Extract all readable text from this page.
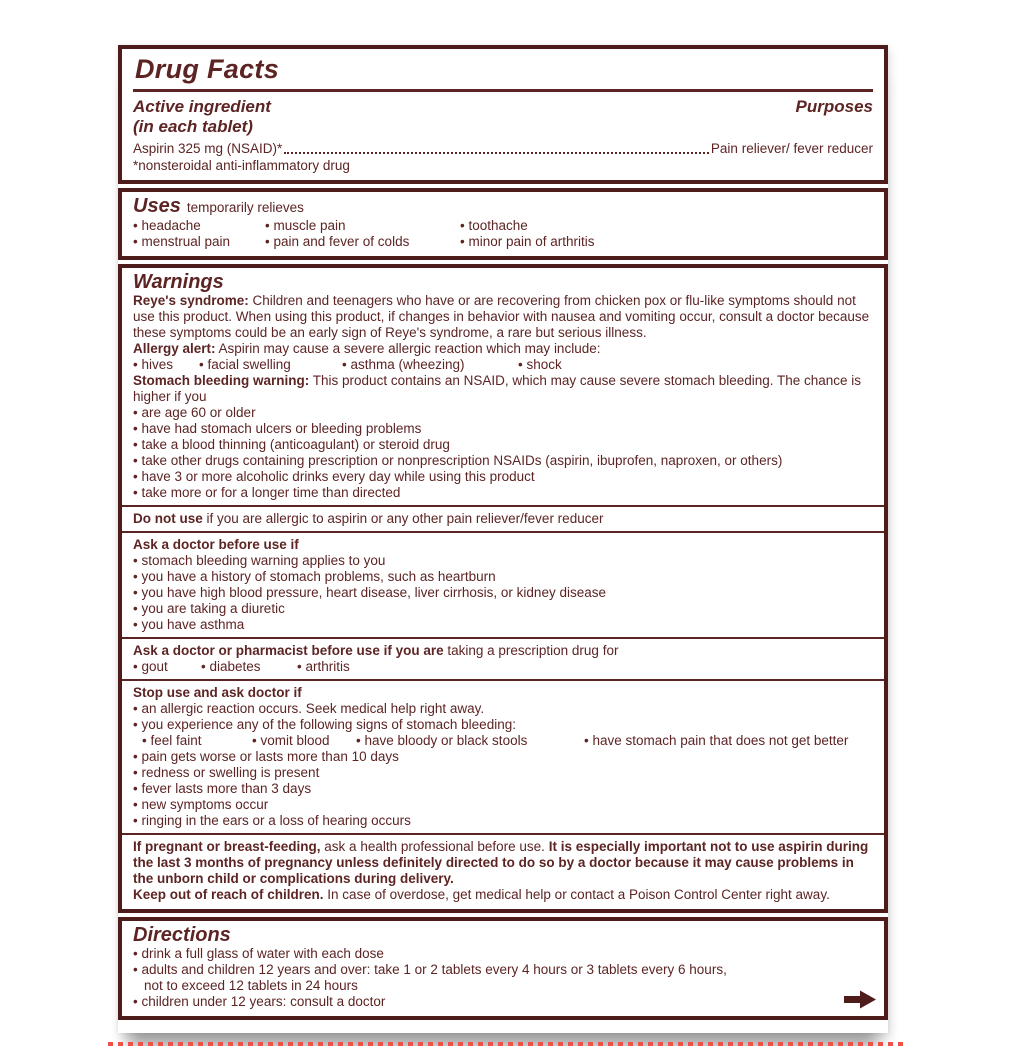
Drug Facts
Active ingredient
(in each tablet)
Purposes
Aspirin 325 mg (NSAID)*	Pain reliever/ fever reducer
*nonsteroidal anti-inflammatory drug
Uses temporarily relieves
• headache	• muscle pain	• toothache
• menstrual pain	• pain and fever of colds	• minor pain of arthritis
Warnings
Reye's syndrome: Children and teenagers who have or are recovering from chicken pox or flu-like symptoms should not use this product. When using this product, if changes in behavior with nausea and vomiting occur, consult a doctor because these symptoms could be an early sign of Reye's syndrome, a rare but serious illness.
Allergy alert: Aspirin may cause a severe allergic reaction which may include:
• hives	• facial swelling	• asthma (wheezing)	• shock
Stomach bleeding warning: This product contains an NSAID, which may cause severe stomach bleeding. The chance is higher if you
• are age 60 or older
• have had stomach ulcers or bleeding problems
• take a blood thinning (anticoagulant) or steroid drug
• take other drugs containing prescription or nonprescription NSAIDs (aspirin, ibuprofen, naproxen, or others)
• have 3 or more alcoholic drinks every day while using this product
• take more or for a longer time than directed
Do not use if you are allergic to aspirin or any other pain reliever/fever reducer
Ask a doctor before use if
• stomach bleeding warning applies to you
• you have a history of stomach problems, such as heartburn
• you have high blood pressure, heart disease, liver cirrhosis, or kidney disease
• you are taking a diuretic
• you have asthma
Ask a doctor or pharmacist before use if you are taking a prescription drug for
• gout	• diabetes	• arthritis
Stop use and ask doctor if
• an allergic reaction occurs. Seek medical help right away.
• you experience any of the following signs of stomach bleeding:
• feel faint	• vomit blood	• have bloody or black stools	• have stomach pain that does not get better
• pain gets worse or lasts more than 10 days
• redness or swelling is present
• fever lasts more than 3 days
• new symptoms occur
• ringing in the ears or a loss of hearing occurs
If pregnant or breast-feeding, ask a health professional before use. It is especially important not to use aspirin during the last 3 months of pregnancy unless definitely directed to do so by a doctor because it may cause problems in the unborn child or complications during delivery.
Keep out of reach of children. In case of overdose, get medical help or contact a Poison Control Center right away.
Directions
• drink a full glass of water with each dose
• adults and children 12 years and over: take 1 or 2 tablets every 4 hours or 3 tablets every 6 hours,
not to exceed 12 tablets in 24 hours
• children under 12 years: consult a doctor
